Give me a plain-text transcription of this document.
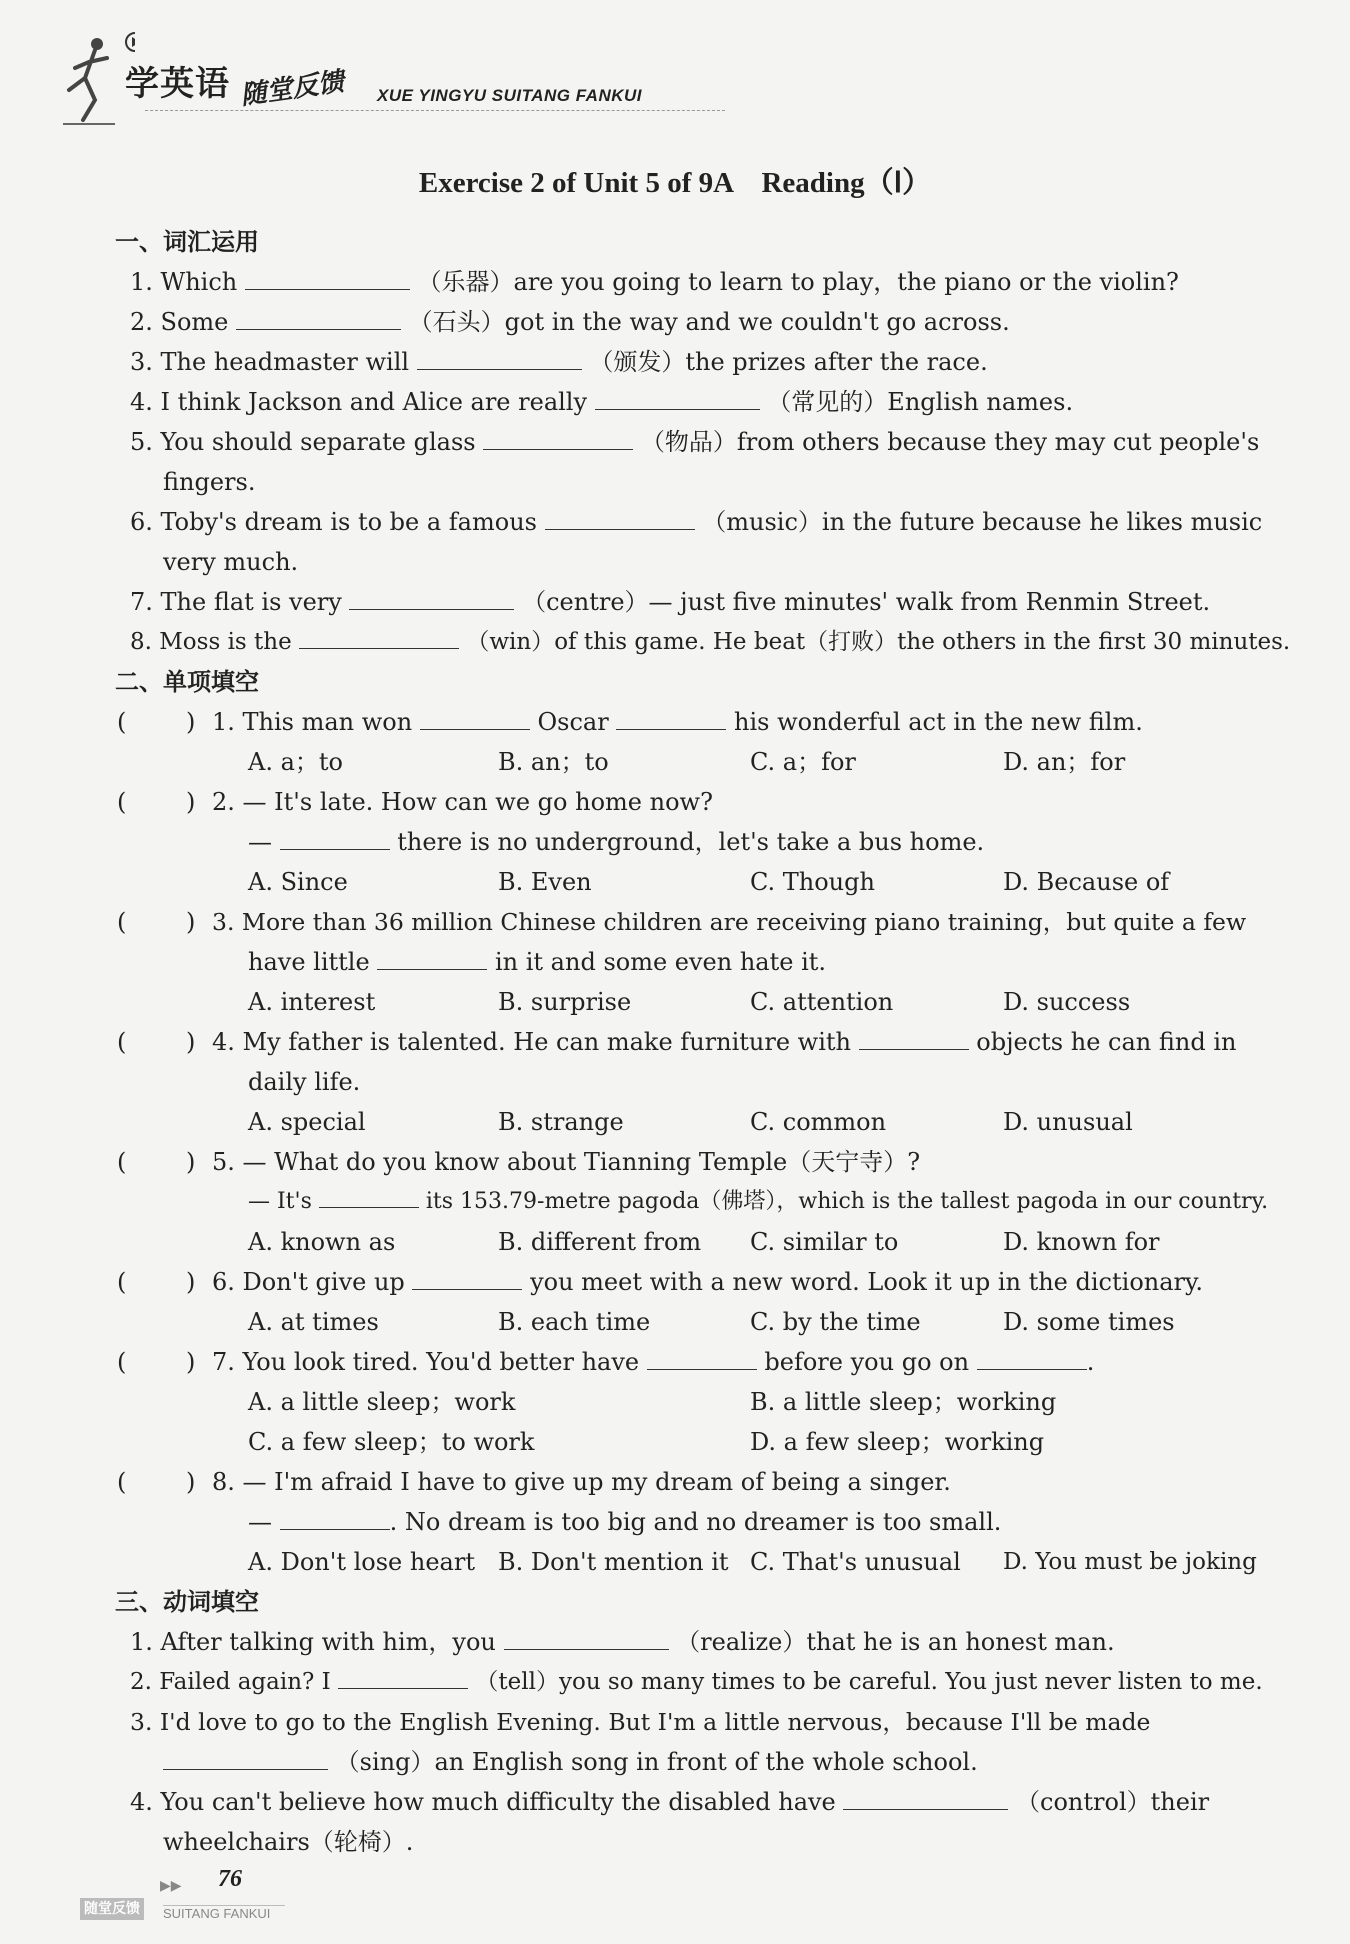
学英语 随堂反馈 XUE YINGYU SUITANG FANKUI
Exercise 2 of Unit 5 of 9A　Reading（Ⅰ）
一、词汇运用
1. Which	（乐器）are you going to learn to play，the piano or the violin?
2. Some	（石头）got in the way and we couldn't go across.
3. The headmaster will	（颁发）the prizes after the race.
4. I think Jackson and Alice are really	（常见的）English names.
5. You should separate glass	（物品）from others because they may cut people's
fingers.
6. Toby's dream is to be a famous	（music）in the future because he likes music
very much.
7. The flat is very	（centre）— just five minutes' walk from Renmin Street.
8. Moss is the	（win）of this game. He beat（打败）the others in the first 30 minutes.
二、单项填空
( ) 1. This man won	Oscar	his wonderful act in the new film.
A. a；to	B. an；to	C. a；for	D. an；for
( ) 2. — It's late. How can we go home now?
—	there is no underground，let's take a bus home.
A. Since	B. Even	C. Though	D. Because of
( ) 3. More than 36 million Chinese children are receiving piano training，but quite a few
have little	in it and some even hate it.
A. interest	B. surprise	C. attention	D. success
( ) 4. My father is talented. He can make furniture with	objects he can find in
daily life.
A. special	B. strange	C. common	D. unusual
( ) 5. — What do you know about Tianning Temple（天宁寺）?
— It's	its 153.79-metre pagoda（佛塔），which is the tallest pagoda in our country.
A. known as	B. different from C. similar to	D. known for
( ) 6. Don't give up	you meet with a new word. Look it up in the dictionary.
A. at times	B. each time	C. by the time	D. some times
( ) 7. You look tired. You'd better have	before you go on	.
A. a little sleep；work	B. a little sleep；working
C. a few sleep；to work	D. a few sleep；working
( ) 8. — I'm afraid I have to give up my dream of being a singer.
—	. No dream is too big and no dreamer is too small.
A. Don't lose heart B. Don't mention it C. That's unusual D. You must be joking
三、动词填空
1. After talking with him，you	（realize）that he is an honest man.
2. Failed again? I	（tell）you so many times to be careful. You just never listen to me.
3. I'd love to go to the English Evening. But I'm a little nervous，because I'll be made
（sing）an English song in front of the whole school.
4. You can't believe how much difficulty the disabled have	（control）their
wheelchairs（轮椅）.
▶▶ 76
随堂反馈	SUITANG FANKUI
